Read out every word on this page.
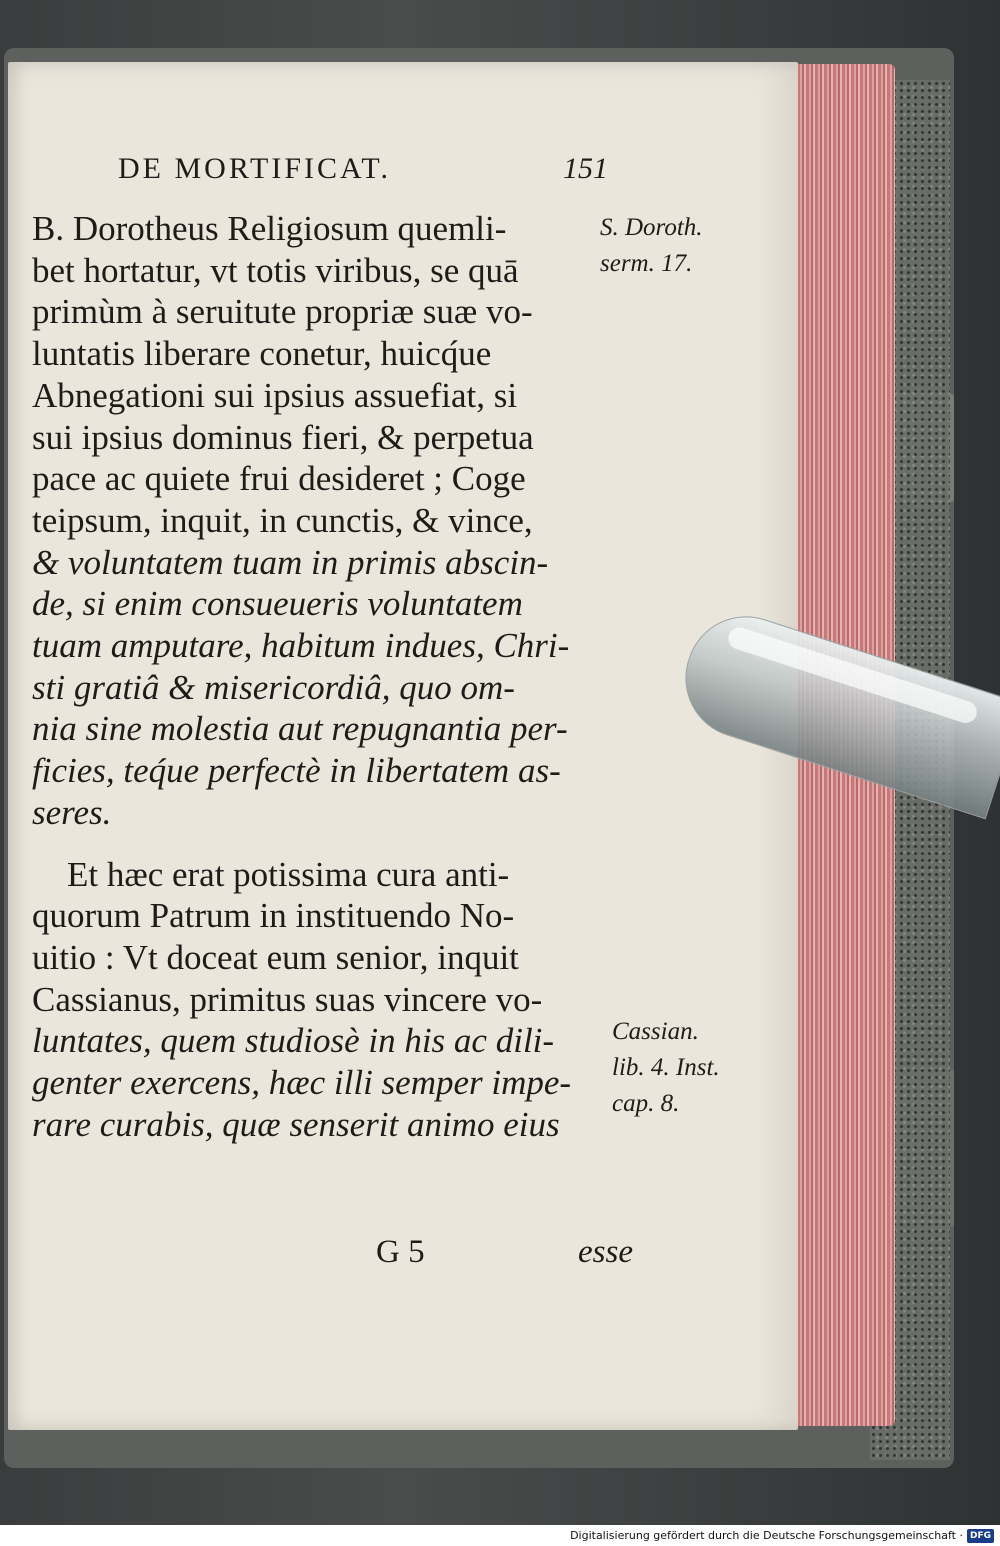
DE MORTIFICAT.	151
B. Dorotheus Religiosum quemli-
bet hortatur, vt totis viribus, se quā
primùm à seruitute propriæ suæ vo-
luntatis liberare conetur, huicq́ue
Abnegationi sui ipsius assuefiat, si
sui ipsius dominus fieri, & perpetua
pace ac quiete frui desideret ; Coge
teipsum, inquit, in cunctis, & vince,
& voluntatem tuam in primis abscin-
de, si enim consueueris voluntatem
tuam amputare, habitum indues, Chri-
sti gratiâ & misericordiâ, quo om-
nia sine molestia aut repugnantia per-
ficies, teq́ue perfectè in libertatem as-
seres.
Et hæc erat potissima cura anti-
quorum Patrum in instituendo No-
uitio : Vt doceat eum senior, inquit
Cassianus, primitus suas vincere vo-
luntates, quem studiosè in his ac dili-
genter exercens, hæc illi semper impe-
rare curabis, quæ senserit animo eius
S. Doroth.
serm. 17.
Cassian.
lib. 4. Inst.
cap. 8.
G 5	esse
Digitalisierung gefördert durch die Deutsche Forschungsgemeinschaft · DFG
